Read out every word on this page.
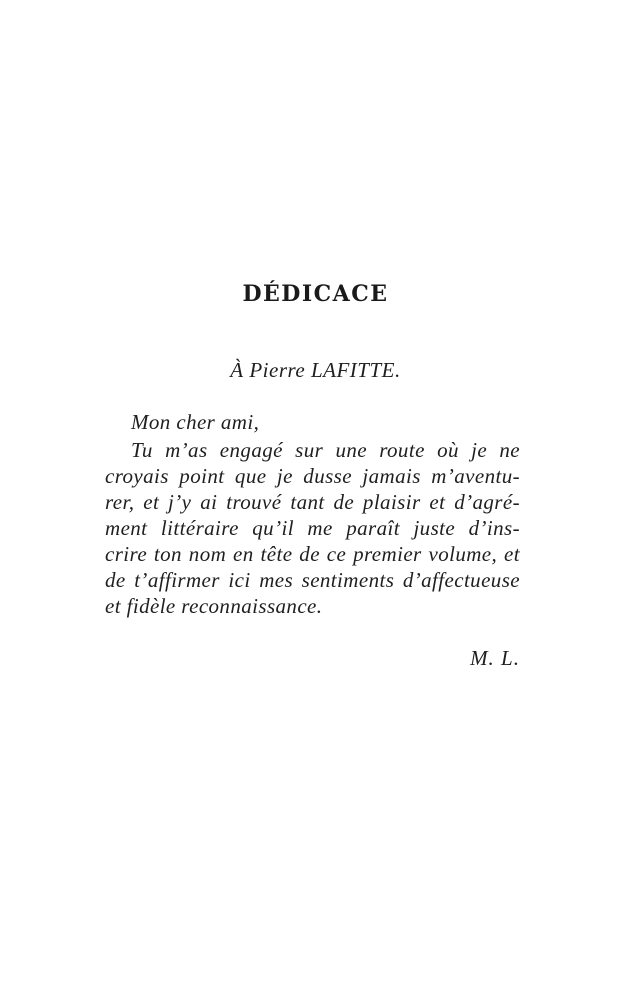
DÉDICACE
À Pierre LAFITTE.
Mon cher ami,
Tu m’as engagé sur une route où je ne
croyais point que je dusse jamais m’aventu-
rer, et j’y ai trouvé tant de plaisir et d’agré-
ment littéraire qu’il me paraît juste d’ins-
crire ton nom en tête de ce premier volume, et
de t’affirmer ici mes sentiments d’affectueuse
et fidèle reconnaissance.
M. L.
